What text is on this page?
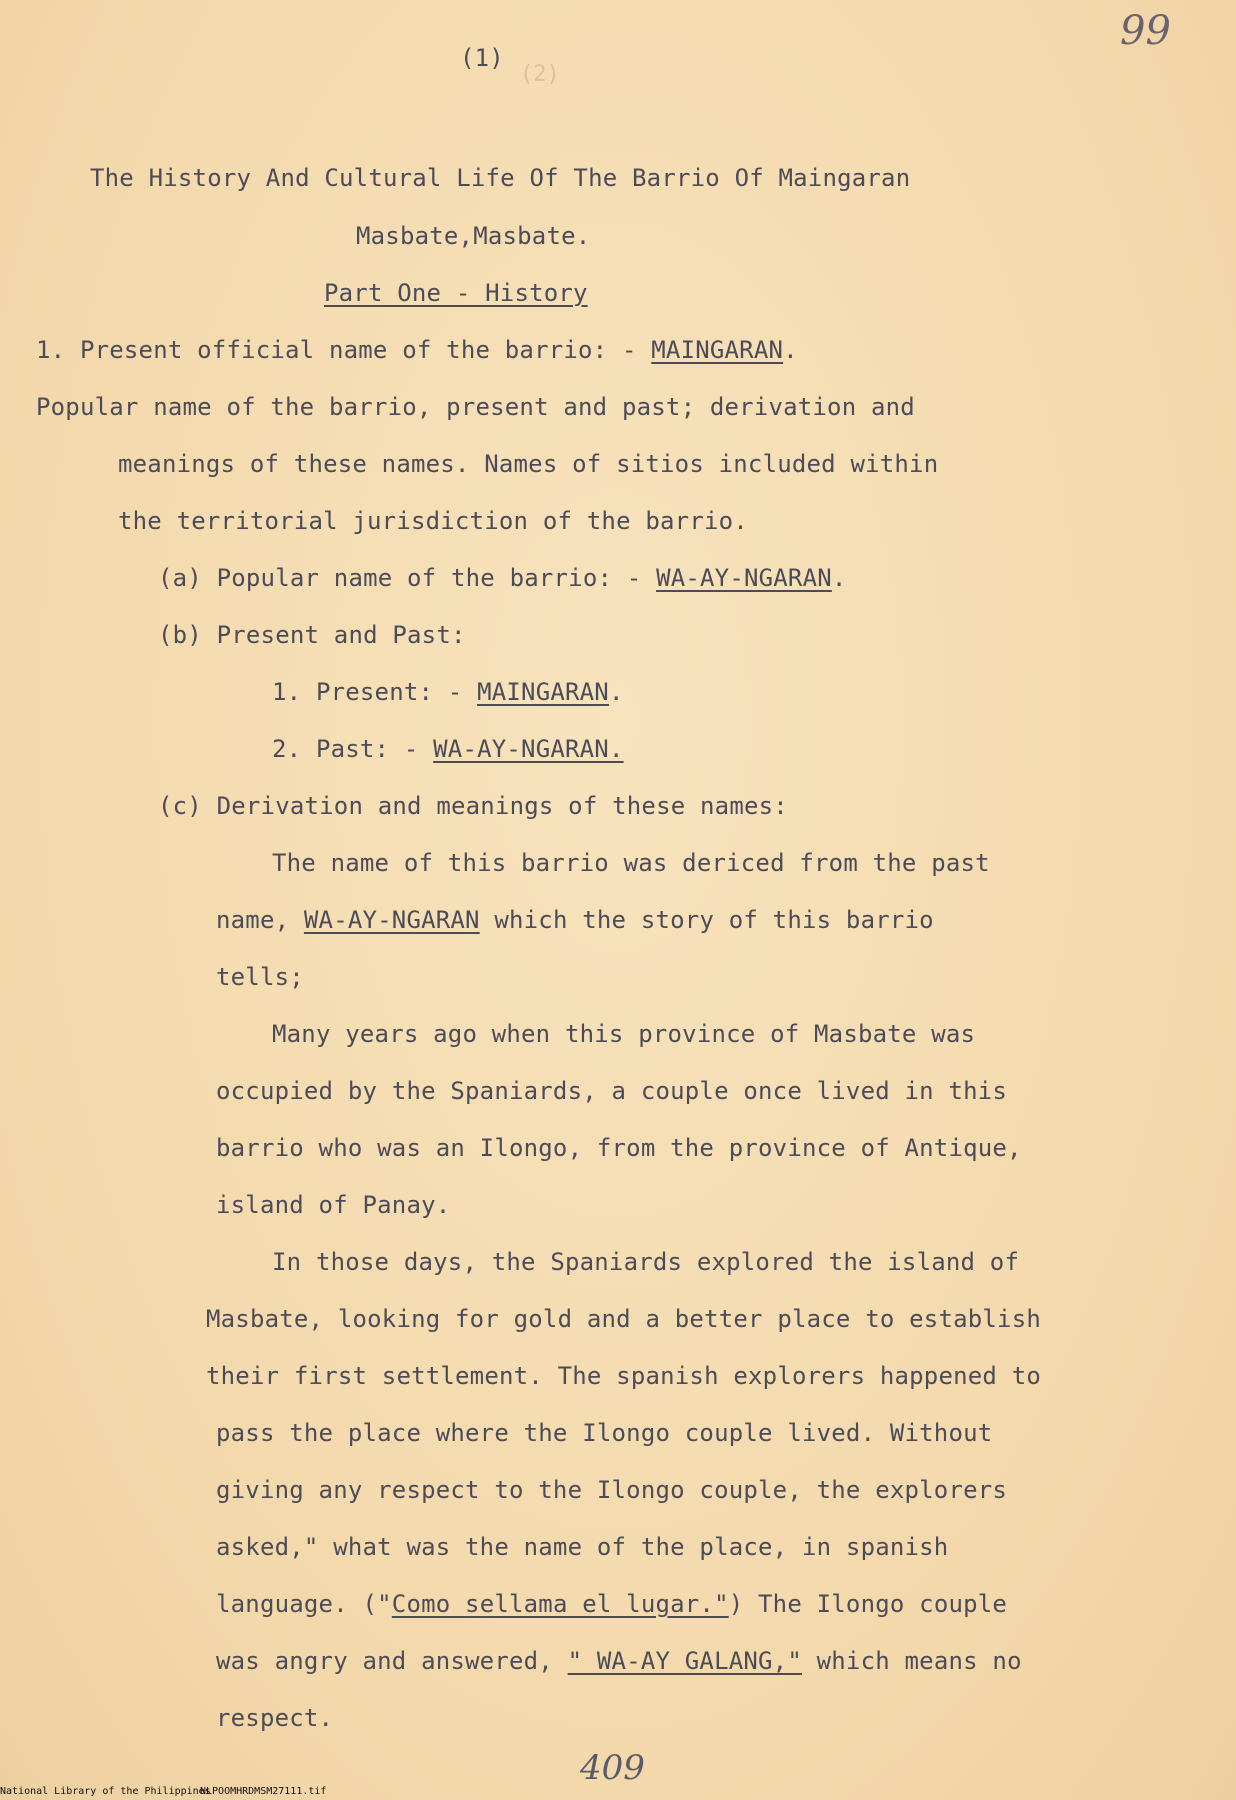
(2)
(1)
99
The History And Cultural Life Of The Barrio Of Maingaran
Masbate,Masbate.
Part One - History
1. Present official name of the barrio: - MAINGARAN.
Popular name of the barrio, present and past; derivation and
meanings of these names. Names of sitios included within
the territorial jurisdiction of the barrio.
(a) Popular name of the barrio: - WA-AY-NGARAN.
(b) Present and Past:
1. Present: - MAINGARAN.
2. Past: - WA-AY-NGARAN.
(c) Derivation and meanings of these names:
The name of this barrio was dericed from the past
name, WA-AY-NGARAN which the story of this barrio
tells;
Many years ago when this province of Masbate was
occupied by the Spaniards, a couple once lived in this
barrio who was an Ilongo, from the province of Antique,
island of Panay.
In those days, the Spaniards explored the island of
Masbate, looking for gold and a better place to establish
their first settlement. The spanish explorers happened to
pass the place where the Ilongo couple lived. Without
giving any respect to the Ilongo couple, the explorers
asked," what was the name of the place, in spanish
language. ("Como sellama el lugar.") The Ilongo couple
was angry and answered, " WA-AY GALANG," which means no
respect.
409
National Library of the Philippines
NLPOOMHRDMSM27111.tif
